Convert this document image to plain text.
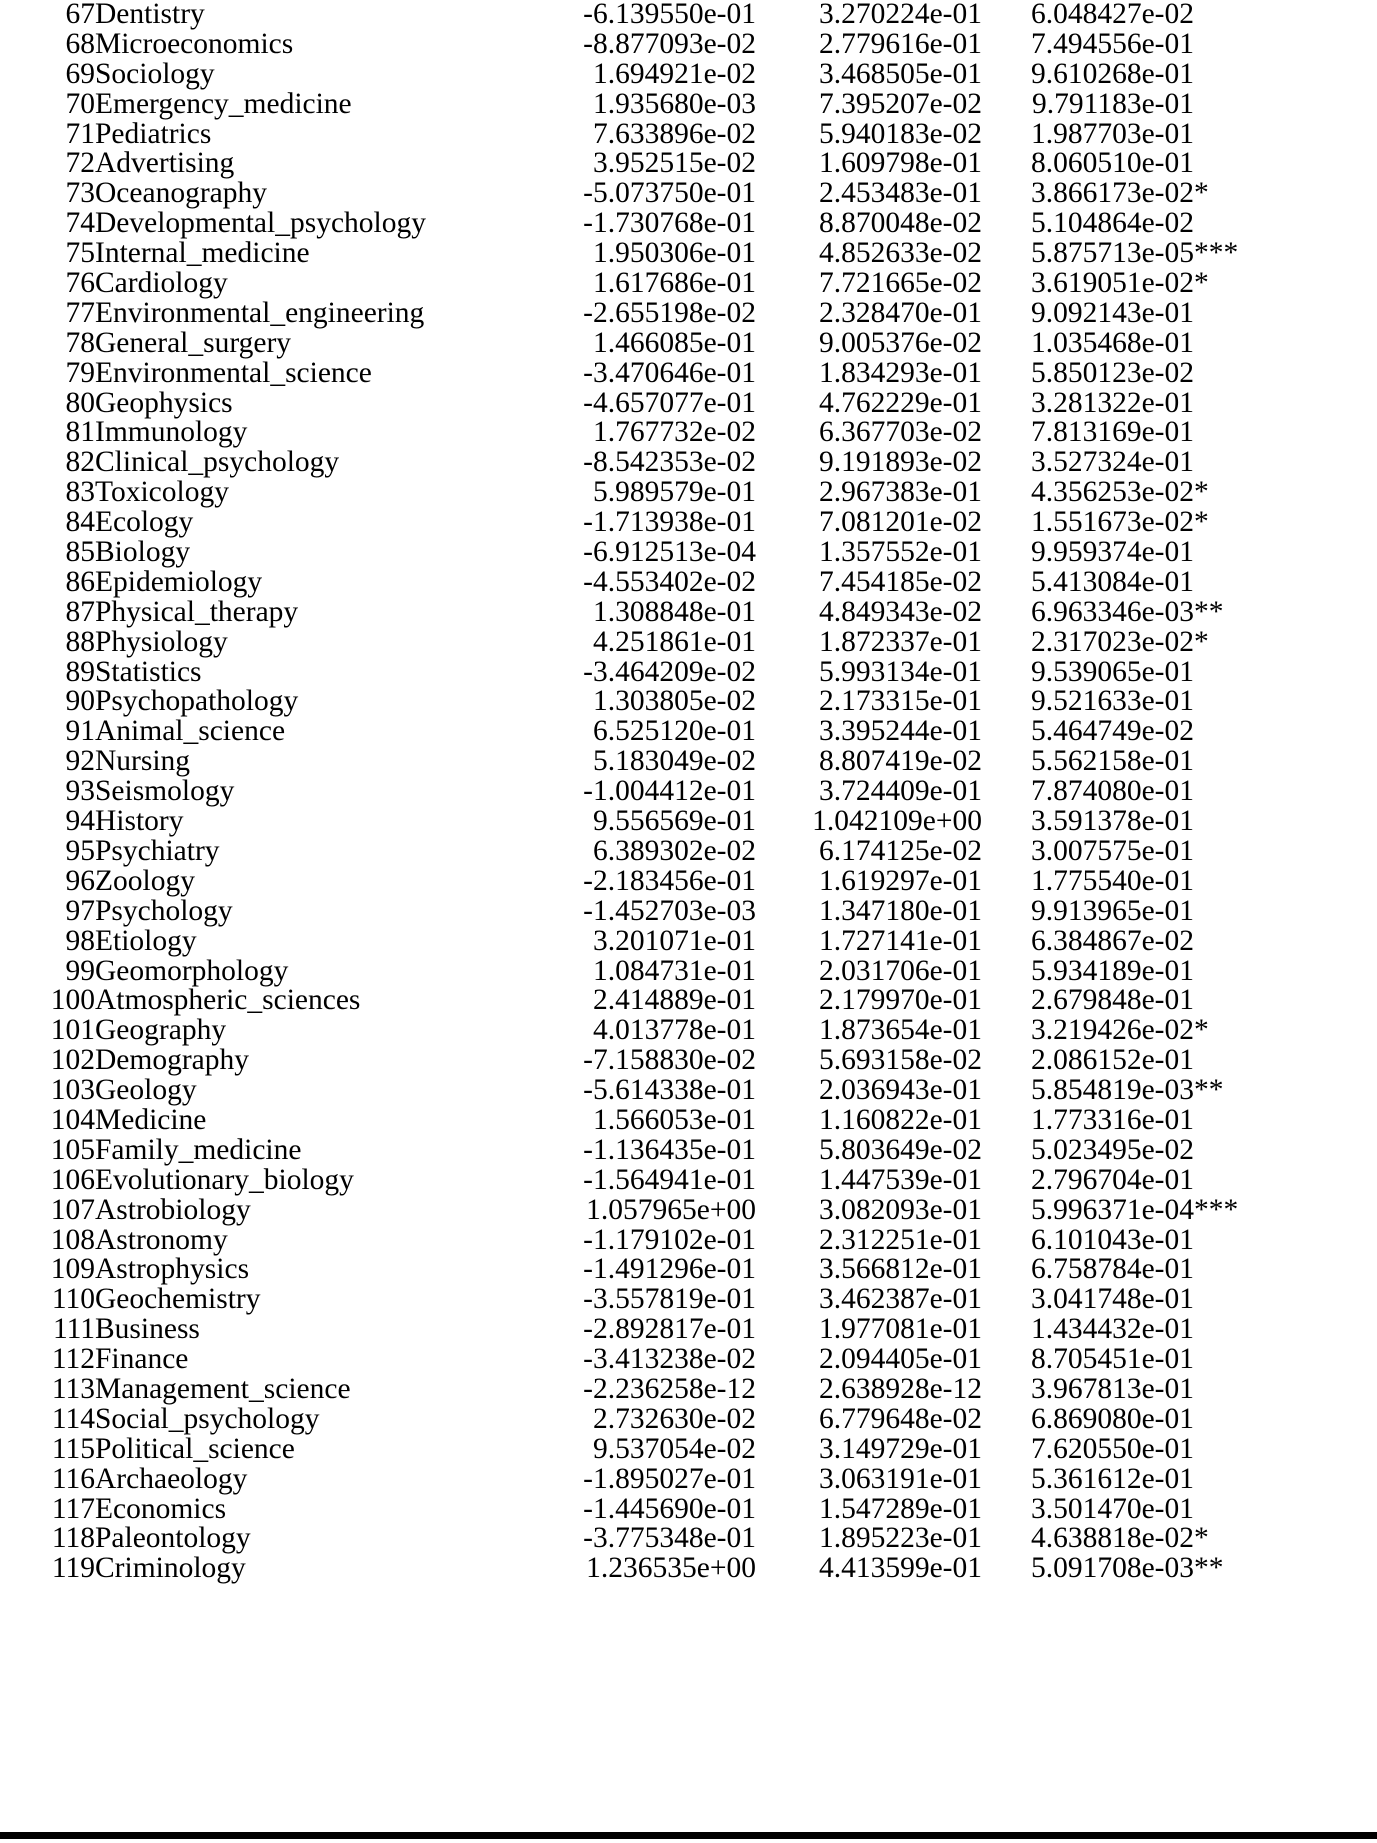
67	Dentistry	-6.139550e-01	3.270224e-01	6.048427e-02	
68	Microeconomics	-8.877093e-02	2.779616e-01	7.494556e-01	
69	Sociology	1.694921e-02	3.468505e-01	9.610268e-01	
70	Emergency_medicine	1.935680e-03	7.395207e-02	9.791183e-01	
71	Pediatrics	7.633896e-02	5.940183e-02	1.987703e-01	
72	Advertising	3.952515e-02	1.609798e-01	8.060510e-01	
73	Oceanography	-5.073750e-01	2.453483e-01	3.866173e-02	*
74	Developmental_psychology	-1.730768e-01	8.870048e-02	5.104864e-02	
75	Internal_medicine	1.950306e-01	4.852633e-02	5.875713e-05	***
76	Cardiology	1.617686e-01	7.721665e-02	3.619051e-02	*
77	Environmental_engineering	-2.655198e-02	2.328470e-01	9.092143e-01	
78	General_surgery	1.466085e-01	9.005376e-02	1.035468e-01	
79	Environmental_science	-3.470646e-01	1.834293e-01	5.850123e-02	
80	Geophysics	-4.657077e-01	4.762229e-01	3.281322e-01	
81	Immunology	1.767732e-02	6.367703e-02	7.813169e-01	
82	Clinical_psychology	-8.542353e-02	9.191893e-02	3.527324e-01	
83	Toxicology	5.989579e-01	2.967383e-01	4.356253e-02	*
84	Ecology	-1.713938e-01	7.081201e-02	1.551673e-02	*
85	Biology	-6.912513e-04	1.357552e-01	9.959374e-01	
86	Epidemiology	-4.553402e-02	7.454185e-02	5.413084e-01	
87	Physical_therapy	1.308848e-01	4.849343e-02	6.963346e-03	**
88	Physiology	4.251861e-01	1.872337e-01	2.317023e-02	*
89	Statistics	-3.464209e-02	5.993134e-01	9.539065e-01	
90	Psychopathology	1.303805e-02	2.173315e-01	9.521633e-01	
91	Animal_science	6.525120e-01	3.395244e-01	5.464749e-02	
92	Nursing	5.183049e-02	8.807419e-02	5.562158e-01	
93	Seismology	-1.004412e-01	3.724409e-01	7.874080e-01	
94	History	9.556569e-01	1.042109e+00	3.591378e-01	
95	Psychiatry	6.389302e-02	6.174125e-02	3.007575e-01	
96	Zoology	-2.183456e-01	1.619297e-01	1.775540e-01	
97	Psychology	-1.452703e-03	1.347180e-01	9.913965e-01	
98	Etiology	3.201071e-01	1.727141e-01	6.384867e-02	
99	Geomorphology	1.084731e-01	2.031706e-01	5.934189e-01	
100	Atmospheric_sciences	2.414889e-01	2.179970e-01	2.679848e-01	
101	Geography	4.013778e-01	1.873654e-01	3.219426e-02	*
102	Demography	-7.158830e-02	5.693158e-02	2.086152e-01	
103	Geology	-5.614338e-01	2.036943e-01	5.854819e-03	**
104	Medicine	1.566053e-01	1.160822e-01	1.773316e-01	
105	Family_medicine	-1.136435e-01	5.803649e-02	5.023495e-02	
106	Evolutionary_biology	-1.564941e-01	1.447539e-01	2.796704e-01	
107	Astrobiology	1.057965e+00	3.082093e-01	5.996371e-04	***
108	Astronomy	-1.179102e-01	2.312251e-01	6.101043e-01	
109	Astrophysics	-1.491296e-01	3.566812e-01	6.758784e-01	
110	Geochemistry	-3.557819e-01	3.462387e-01	3.041748e-01	
111	Business	-2.892817e-01	1.977081e-01	1.434432e-01	
112	Finance	-3.413238e-02	2.094405e-01	8.705451e-01	
113	Management_science	-2.236258e-12	2.638928e-12	3.967813e-01	
114	Social_psychology	2.732630e-02	6.779648e-02	6.869080e-01	
115	Political_science	9.537054e-02	3.149729e-01	7.620550e-01	
116	Archaeology	-1.895027e-01	3.063191e-01	5.361612e-01	
117	Economics	-1.445690e-01	1.547289e-01	3.501470e-01	
118	Paleontology	-3.775348e-01	1.895223e-01	4.638818e-02	*
119	Criminology	1.236535e+00	4.413599e-01	5.091708e-03	**
